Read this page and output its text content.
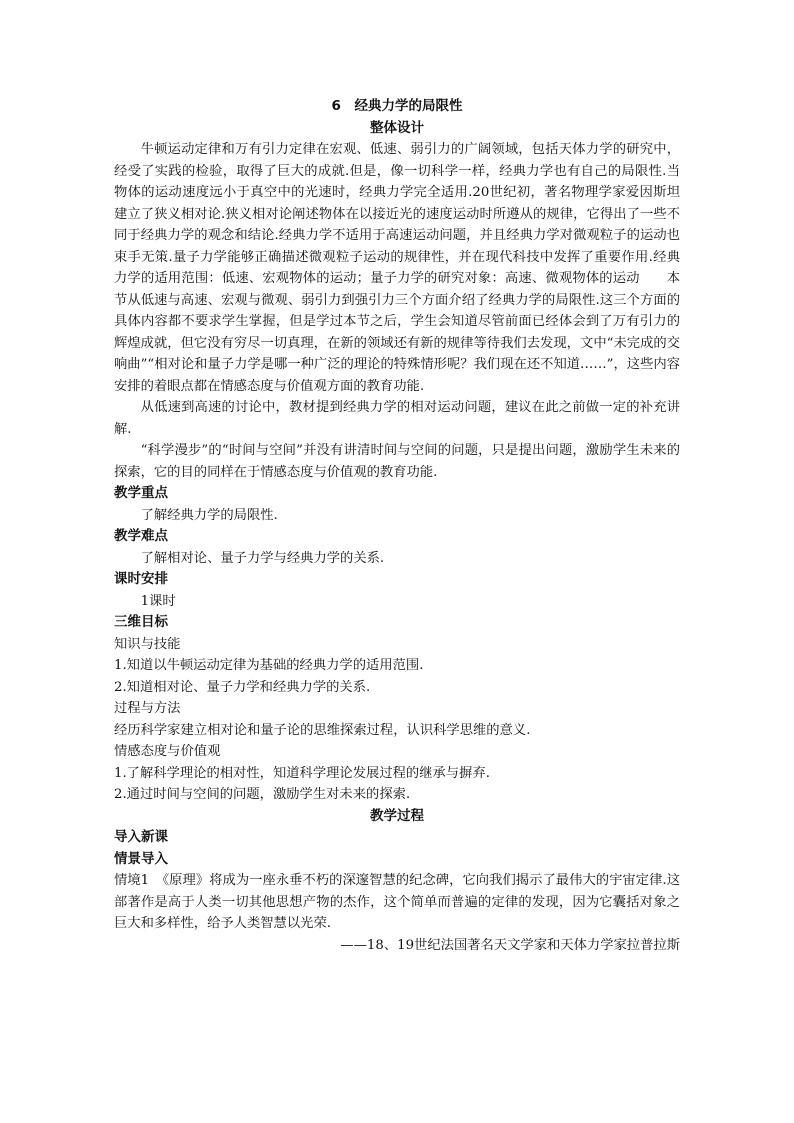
6　经典力学的局限性
整体设计

牛顿运动定律和万有引力定律在宏观、低速、弱引力的广阔领域，包括天体力学的研究中，经受了实践的检验，取得了巨大的成就.但是，像一切科学一样，经典力学也有自己的局限性.当物体的运动速度远小于真空中的光速时，经典力学完全适用.20世纪初，著名物理学家爱因斯坦建立了狭义相对论.狭义相对论阐述物体在以接近光的速度运动时所遵从的规律，它得出了一些不同于经典力学的观念和结论.经典力学不适用于高速运动问题，并且经典力学对微观粒子的运动也束手无策.量子力学能够正确描述微观粒子运动的规律性，并在现代科技中发挥了重要作用.经典力学的适用范围：低速、宏观物体的运动；量子力学的研究对象：高速、微观物体的运动　　本节从低速与高速、宏观与微观、弱引力到强引力三个方面介绍了经典力学的局限性.这三个方面的具体内容都不要求学生掌握，但是学过本节之后，学生会知道尽管前面已经体会到了万有引力的辉煌成就，但它没有穷尽一切真理，在新的领域还有新的规律等待我们去发现，文中“未完成的交响曲”“相对论和量子力学是哪一种广泛的理论的特殊情形呢？我们现在还不知道……”，这些内容安排的着眼点都在情感态度与价值观方面的教育功能.

从低速到高速的讨论中，教材提到经典力学的相对运动问题，建议在此之前做一定的补充讲解.

“科学漫步”的“时间与空间”并没有讲清时间与空间的问题，只是提出问题，激励学生未来的探索，它的目的同样在于情感态度与价值观的教育功能.

教学重点

了解经典力学的局限性.

教学难点

了解相对论、量子力学与经典力学的关系.

课时安排

1课时

三维目标

知识与技能

1.知道以牛顿运动定律为基础的经典力学的适用范围.

2.知道相对论、量子力学和经典力学的关系.

过程与方法

经历科学家建立相对论和量子论的思维探索过程，认识科学思维的意义.

情感态度与价值观

1.了解科学理论的相对性，知道科学理论发展过程的继承与摒弃.

2.通过时间与空间的问题，激励学生对未来的探索.

教学过程
导入新课
情景导入

情境1　《原理》将成为一座永垂不朽的深邃智慧的纪念碑，它向我们揭示了最伟大的宇宙定律.这部著作是高于人类一切其他思想产物的杰作，这个简单而普遍的定律的发现，因为它囊括对象之巨大和多样性，给予人类智慧以光荣.

——18、19世纪法国著名天文学家和天体力学家拉普拉斯
